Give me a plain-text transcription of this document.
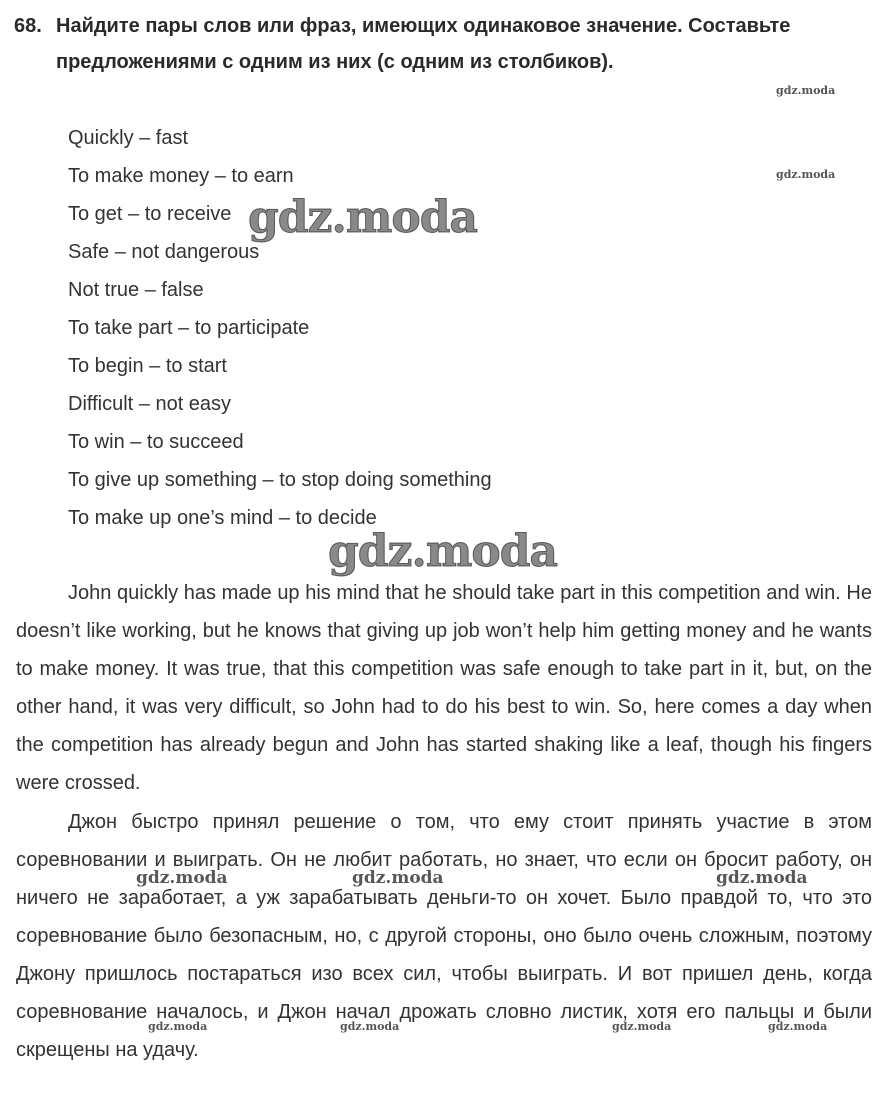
68. Найдите пары слов или фраз, имеющих одинаковое значение. Составьте
предложениями с одним из них (с одним из столбиков).
Quickly – fast
To make money – to earn
To get – to receive
Safe – not dangerous
Not true – false
To take part – to participate
To begin – to start
Difficult – not easy
To win – to succeed
To give up something – to stop doing something
To make up one’s mind – to decide

John quickly has made up his mind that he should take part in this competition and win. He doesn’t like working, but he knows that giving up job won’t help him getting money and he wants to make money. It was true, that this competition was safe enough to take part in it, but, on the other hand, it was very difficult, so John had to do his best to win. So, here comes a day when the competition has already begun and John has started shaking like a leaf, though his fingers were crossed.

Джон быстро принял решение о том, что ему стоит принять участие в этом соревновании и выиграть. Он не любит работать, но знает, что если он бросит работу, он ничего не заработает, а уж зарабатывать деньги-то он хочет. Было правдой то, что это соревнование было безопасным, но, с другой стороны, оно было очень сложным, поэтому Джону пришлось постараться изо всех сил, чтобы выиграть. И вот пришел день, когда соревнование началось, и Джон начал дрожать словно листик, хотя его пальцы и были скрещены на удачу.

gdz.moda
gdz.moda
gdz.moda
gdz.moda
gdz.moda	gdz.moda	gdz.moda
gdz.moda	gdz.moda	gdz.moda	gdz.moda
